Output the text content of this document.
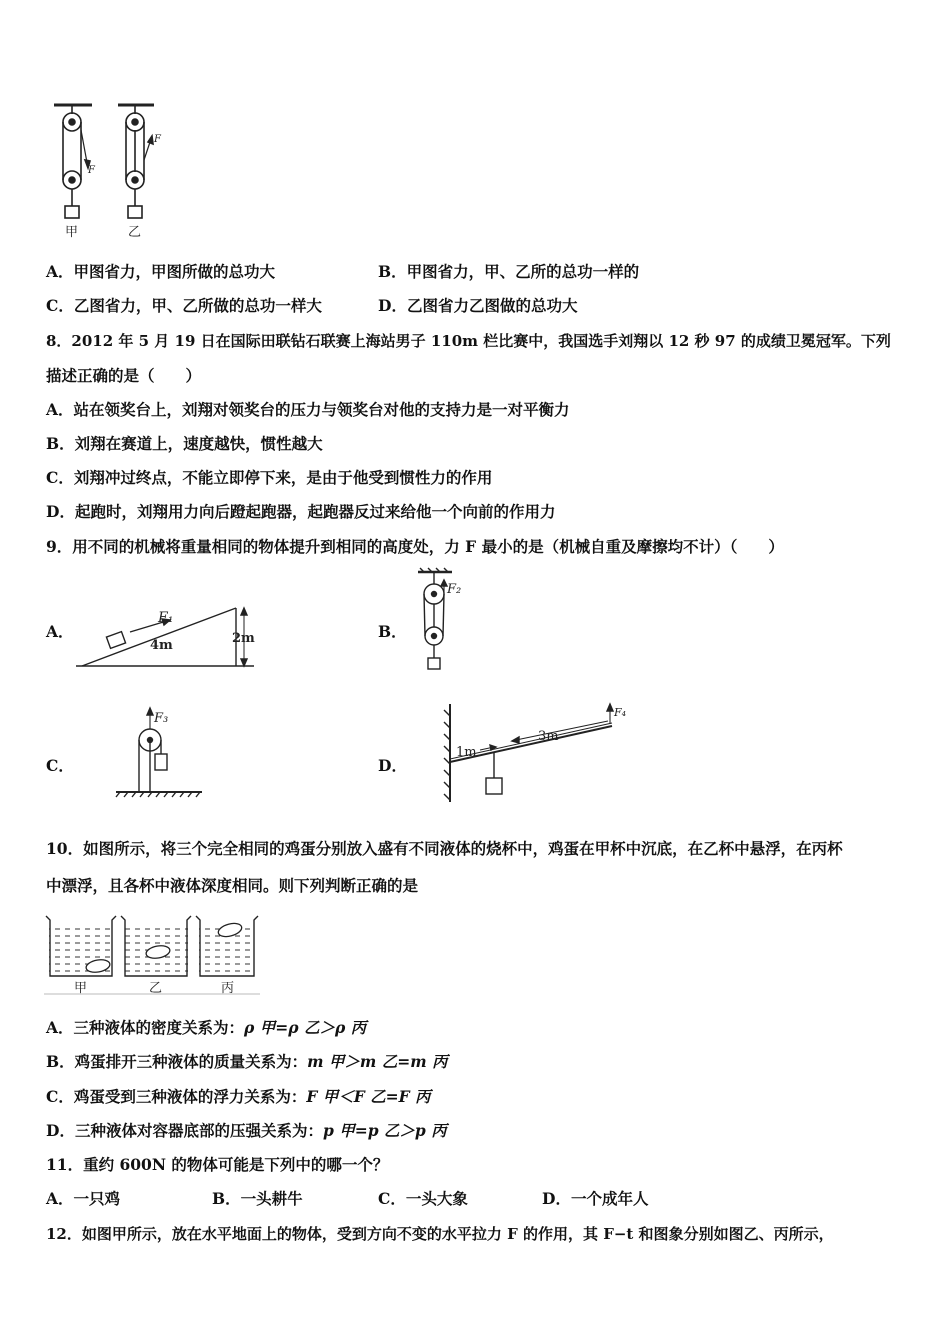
F
甲
F
乙
A．甲图省力，甲图所做的总功大	B．甲图省力，甲、乙所的总功一样的
C．乙图省力，甲、乙所做的总功一样大	D．乙图省力乙图做的总功大
8．2012 年 5 月 19 日在国际田联钻石联赛上海站男子 110m 栏比赛中，我国选手刘翔以 12 秒 97 的成绩卫冕冠军。下列
描述正确的是（　　）
A．站在领奖台上，刘翔对领奖台的压力与领奖台对他的支持力是一对平衡力
B．刘翔在赛道上，速度越快，惯性越大
C．刘翔冲过终点，不能立即停下来，是由于他受到惯性力的作用
D．起跑时，刘翔用力向后蹬起跑器，起跑器反过来给他一个向前的作用力
9．用不同的机械将重量相同的物体提升到相同的高度处，力 F 最小的是（机械自重及摩擦均不计）（　　）
A．
F₁
4m	2m	B．
F₂
C．
F₃
D．
1m
3m
F₄
10．如图所示，将三个完全相同的鸡蛋分别放入盛有不同液体的烧杯中，鸡蛋在甲杯中沉底，在乙杯中悬浮，在丙杯
中漂浮，且各杯中液体深度相同。则下列判断正确的是
甲	乙	丙
A．三种液体的密度关系为：ρ 甲=ρ 乙＞ρ 丙
B．鸡蛋排开三种液体的质量关系为：m 甲＞m 乙=m 丙
C．鸡蛋受到三种液体的浮力关系为：F 甲＜F 乙=F 丙
D．三种液体对容器底部的压强关系为：p 甲=p 乙＞p 丙
11．重约 600N 的物体可能是下列中的哪一个？
A．一只鸡	B．一头耕牛	C．一头大象	D．一个成年人
12．如图甲所示，放在水平地面上的物体，受到方向不变的水平拉力 F 的作用，其 F−t 和图象分别如图乙、丙所示，
